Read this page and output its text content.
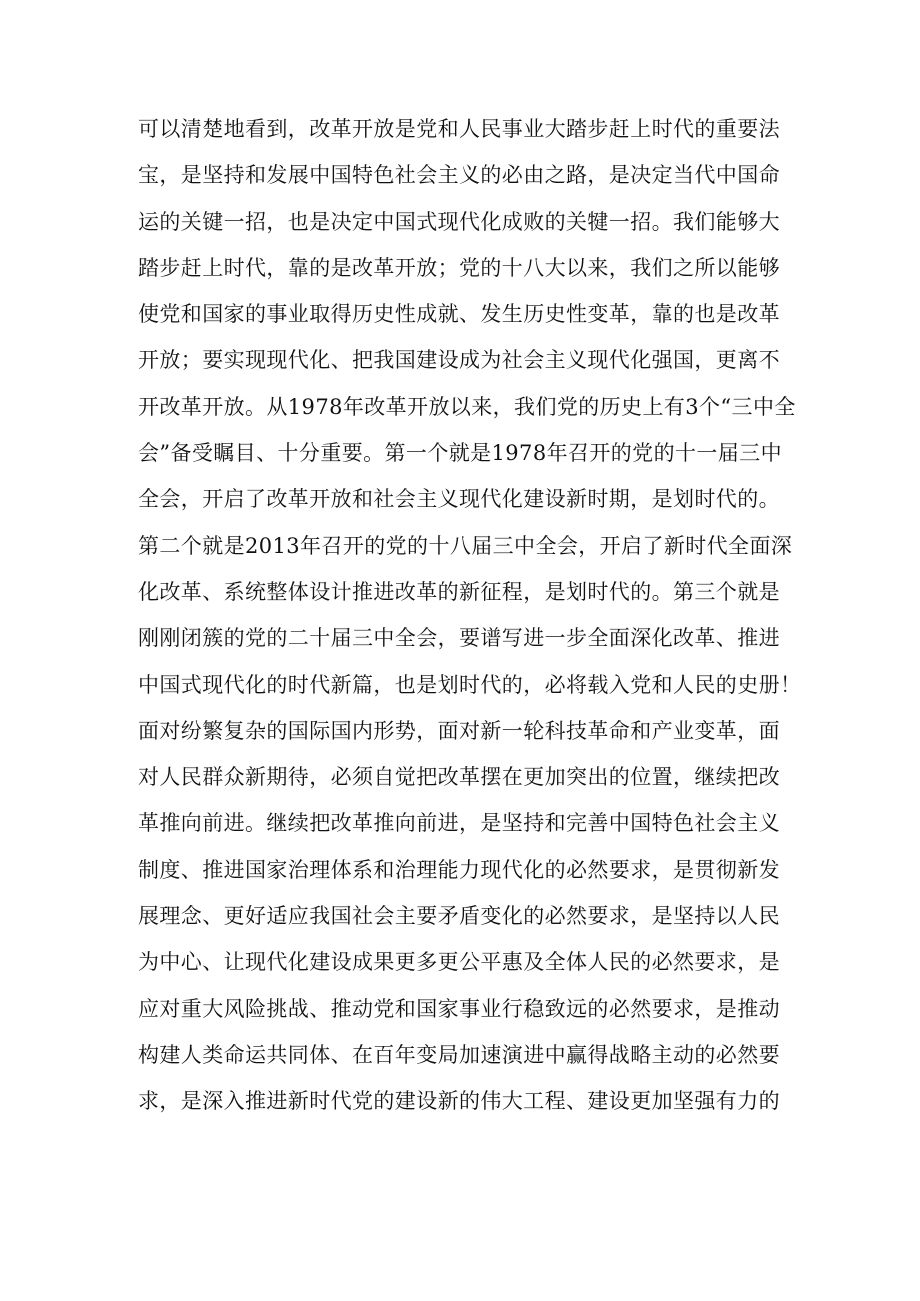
可以清楚地看到，改革开放是党和人民事业大踏步赶上时代的重要法
宝，是坚持和发展中国特色社会主义的必由之路，是决定当代中国命
运的关键一招，也是决定中国式现代化成败的关犍一招。我们能够大
踏步赶上时代，靠的是改革开放；党的十八大以来，我们之所以能够
使党和国家的事业取得历史性成就、发生历史性变革，靠的也是改革
开放；要实现现代化、把我国建设成为社会主义现代化强国，更离不
开改革开放。从1978年改革开放以来，我们党的历史上有3个“三中全
会”备受瞩目、十分重要。第一个就是1978年召开的党的十一届三中
全会，开启了改革开放和社会主义现代化建设新时期，是划时代的。
第二个就是2013年召开的党的十八届三中全会，开启了新时代全面深
化改革、系统整体设计推进改革的新征程，是划时代的。第三个就是
刚刚闭簇的党的二十届三中全会，要谱写进一步全面深化改革、推进
中国式现代化的时代新篇，也是划时代的，必将载入党和人民的史册！
面对纷繁复杂的国际国内形势，面对新一轮科技革命和产业变革，面
对人民群众新期待，必须自觉把改革摆在更加突出的位置，继续把改
革推向前进。继续把改革推向前进，是坚持和完善中国特色社会主义
制度、推进国家治理体系和治理能力现代化的必然要求，是贯彻新发
展理念、更好适应我国社会主要矛盾变化的必然要求，是坚持以人民
为中心、让现代化建设成果更多更公平惠及全体人民的必然要求，是
应对重大风险挑战、推动党和国家事业行稳致远的必然要求，是推动
构建人类命运共同体、在百年变局加速演进中赢得战略主动的必然要
求，是深入推进新时代党的建设新的伟大工程、建设更加坚强有力的
